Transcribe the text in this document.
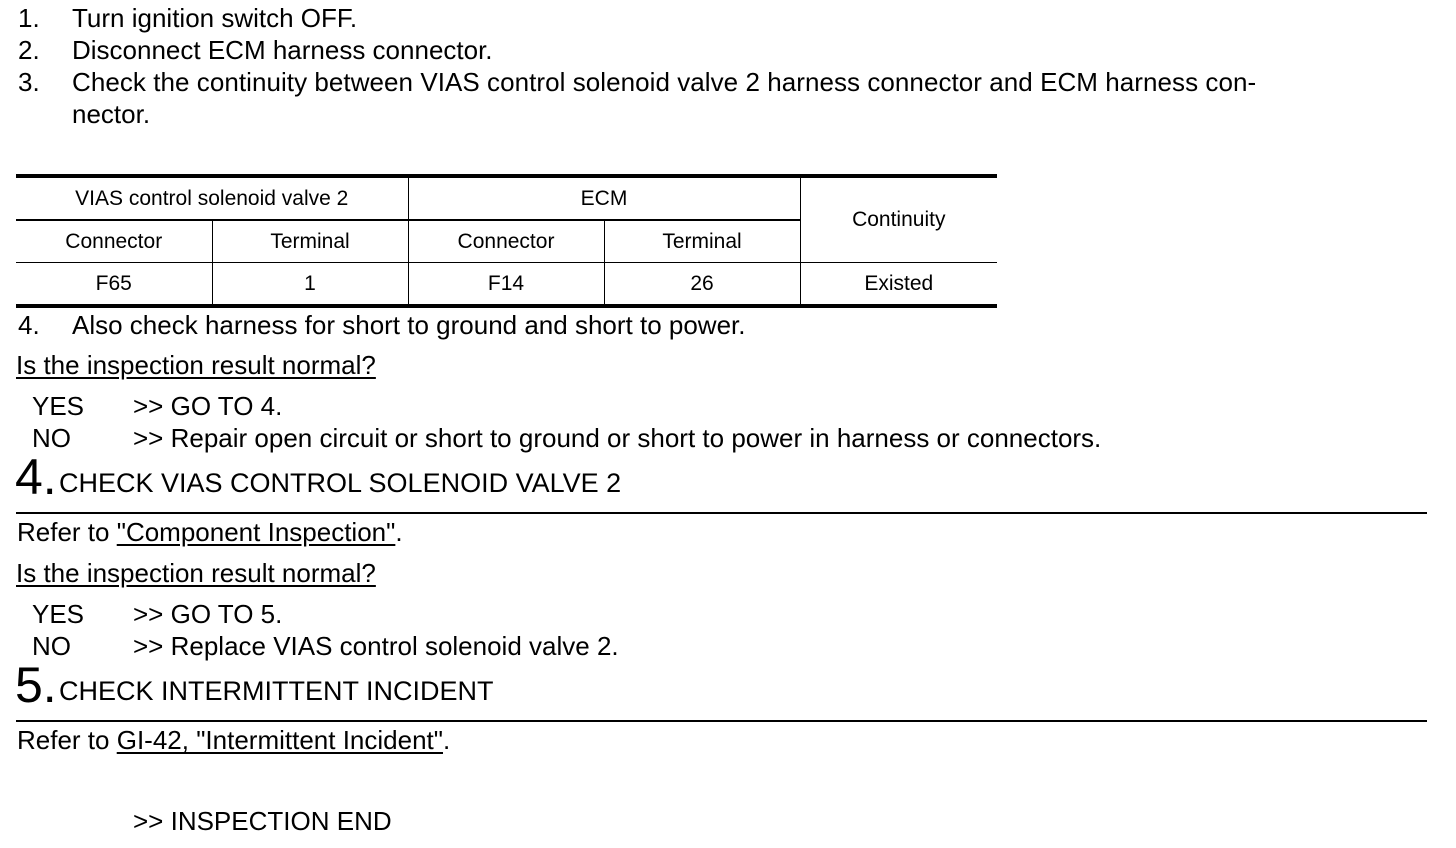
1. Turn ignition switch OFF.
2. Disconnect ECM harness connector.
3. Check the continuity between VIAS control solenoid valve 2 harness connector and ECM harness con-
nector.
VIAS control solenoid valve 2		ECM		Continuity
Connector	Terminal	Connector	Terminal	
F65	1	F14	26	Existed
4. Also check harness for short to ground and short to power.
Is the inspection result normal?
YES >> GO TO 4.
NO >> Repair open circuit or short to ground or short to power in harness or connectors.
4. CHECK VIAS CONTROL SOLENOID VALVE 2
Refer to "Component Inspection".
Is the inspection result normal?
YES >> GO TO 5.
NO >> Replace VIAS control solenoid valve 2.
5. CHECK INTERMITTENT INCIDENT
Refer to GI-42, "Intermittent Incident".
>> INSPECTION END
